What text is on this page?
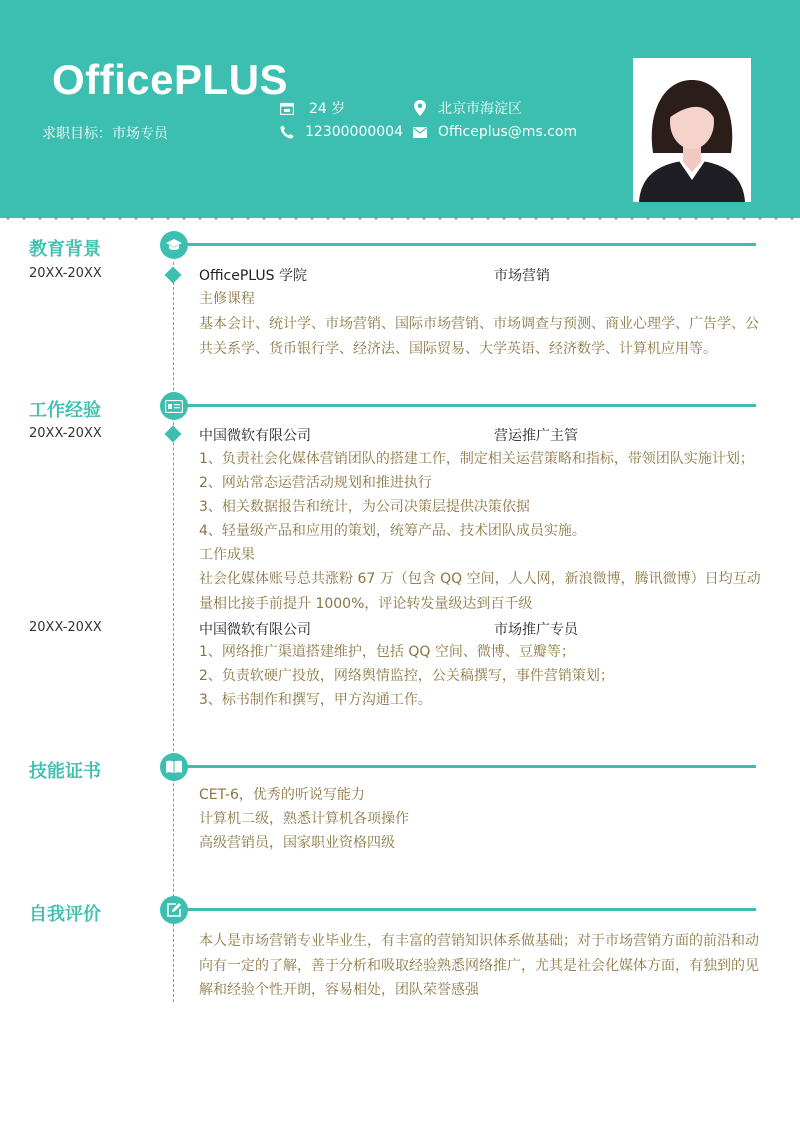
OfficePLUS
求职目标：市场专员
24 岁	北京市海淀区
12300000004	Officeplus@ms.com
教育背景
20XX-20XX	OfficePLUS 学院	市场营销
主修课程
基本会计、统计学、市场营销、国际市场营销、市场调查与预测、商业心理学、广告学、公共关系学、货币银行学、经济法、国际贸易、大学英语、经济数学、计算机应用等。
工作经验
20XX-20XX	中国微软有限公司	营运推广主管
1、负责社会化媒体营销团队的搭建工作，制定相关运营策略和指标，带领团队实施计划；
2、网站常态运营活动规划和推进执行
3、相关数据报告和统计，为公司决策层提供决策依据
4、轻量级产品和应用的策划，统筹产品、技术团队成员实施。
工作成果
社会化媒体账号总共涨粉 67 万（包含 QQ 空间，人人网，新浪微博，腾讯微博）日均互动量相比接手前提升 1000%，评论转发量级达到百千级
20XX-20XX	中国微软有限公司	市场推广专员
1、网络推广渠道搭建维护，包括 QQ 空间、微博、豆瓣等；
2、负责软硬广投放，网络舆情监控，公关稿撰写，事件营销策划；
3、标书制作和撰写，甲方沟通工作。
技能证书
CET-6，优秀的听说写能力
计算机二级，熟悉计算机各项操作
高级营销员，国家职业资格四级
自我评价
本人是市场营销专业毕业生，有丰富的营销知识体系做基础；对于市场营销方面的前沿和动向有一定的了解，善于分析和吸取经验熟悉网络推广，尤其是社会化媒体方面，有独到的见解和经验个性开朗，容易相处，团队荣誉感强
